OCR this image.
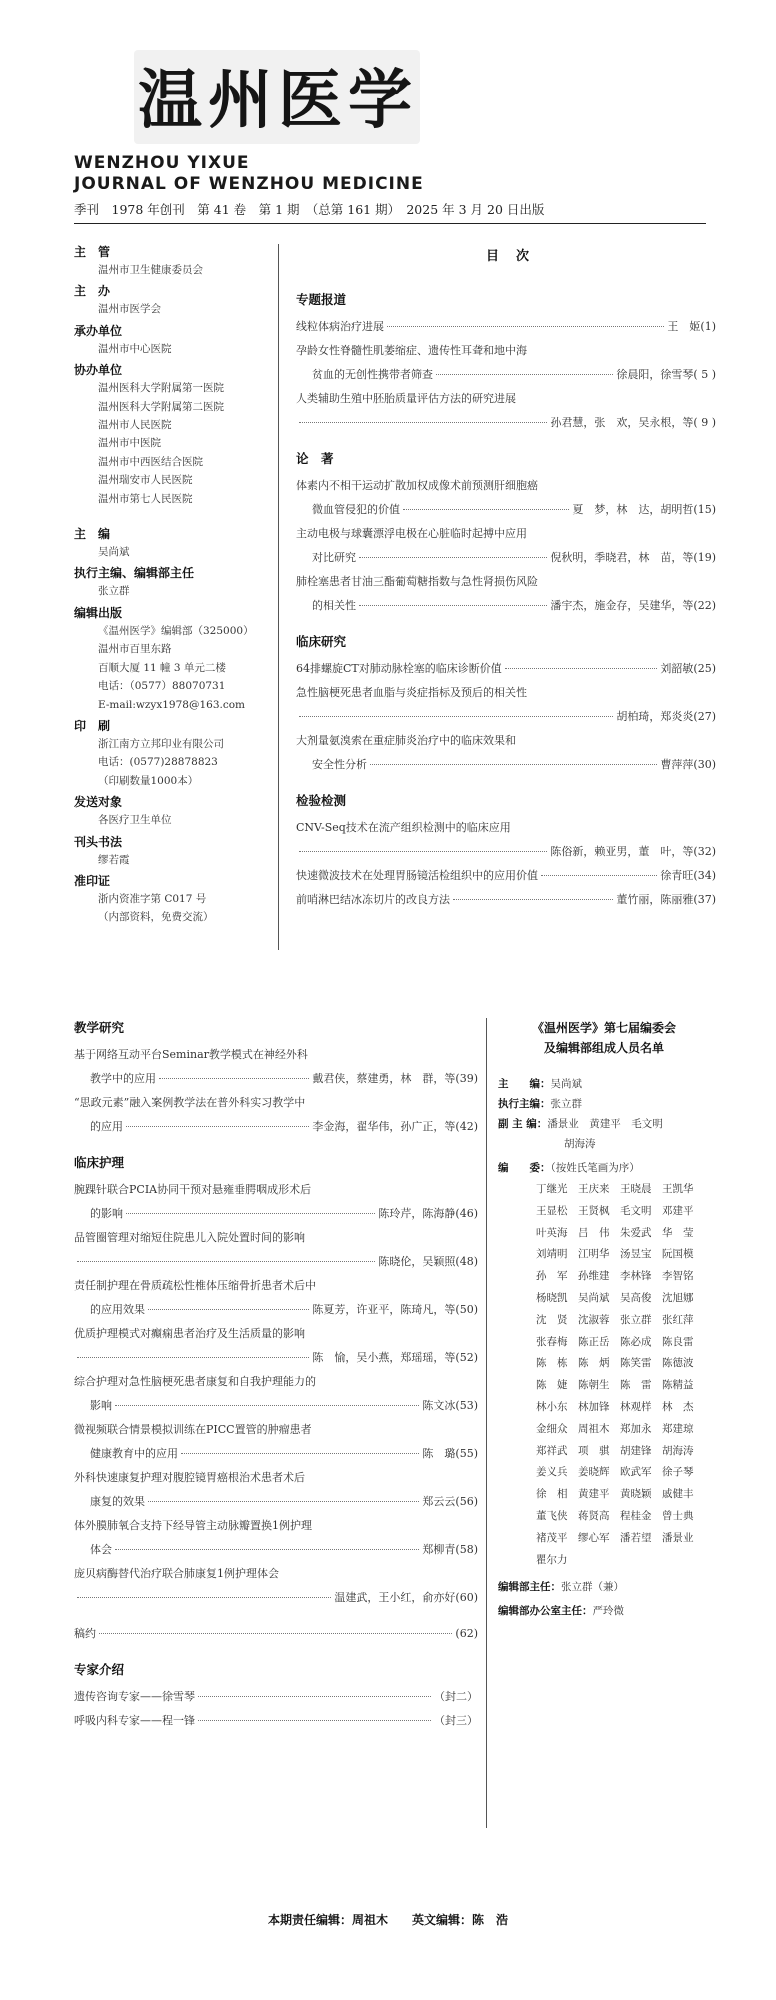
温州医学
WENZHOU YIXUE
JOURNAL OF WENZHOU MEDICINE
季刊　1978 年创刊　第 41 卷　第 1 期　（总第 161 期）　2025 年 3 月 20 日出版
主　管
温州市卫生健康委员会
主　办
温州市医学会
承办单位
温州市中心医院
协办单位
温州医科大学附属第一医院
温州医科大学附属第二医院
温州市人民医院
温州市中医院
温州市中西医结合医院
温州瑞安市人民医院
温州市第七人民医院
主　编
吴尚斌
执行主编、编辑部主任
张立群
编辑出版
《温州医学》编辑部（325000）
温州市百里东路
百顺大厦 11 幢 3 单元二楼
电话：（0577）88070731
E-mail:wzyx1978@163.com
印　刷
浙江南方立邦印业有限公司
电话：(0577)28878823
（印刷数量1000本）
发送对象
各医疗卫生单位
刊头书法
缪若霞
准印证
浙内资准字第 C017 号
（内部资料，免费交流）
目　次
专题报道
线粒体病治疗进展	王　姬 (1)
孕龄女性脊髓性肌萎缩症、遗传性耳聋和地中海
贫血的无创性携带者筛查	徐晨阳，徐雪琴 ( 5 )
人类辅助生殖中胚胎质量评估方法的研究进展
孙君慧，张　欢，吴永根，等 ( 9 )
论　著
体素内不相干运动扩散加权成像术前预测肝细胞癌
微血管侵犯的价值	夏　梦，林　达，胡明哲 (15)
主动电极与球囊漂浮电极在心脏临时起搏中应用
对比研究	倪秋明，季晓君，林　苗，等 (19)
肺栓塞患者甘油三酯葡萄糖指数与急性肾损伤风险
的相关性	潘宇杰，施金存，吴建华，等 (22)
临床研究
64排螺旋CT对肺动脉栓塞的临床诊断价值	刘韶敏 (25)
急性脑梗死患者血脂与炎症指标及预后的相关性
胡柏琦，郑炎炎 (27)
大剂量氨溴索在重症肺炎治疗中的临床效果和
安全性分析	曹萍萍 (30)
检验检测
CNV-Seq技术在流产组织检测中的临床应用
陈俗新，赖亚男，董　叶，等 (32)
快速微波技术在处理胃肠镜活检组织中的应用价值	徐青旺 (34)
前哨淋巴结冰冻切片的改良方法	董竹丽，陈丽雅 (37)
教学研究
基于网络互动平台Seminar教学模式在神经外科
教学中的应用	戴君侠，蔡建勇，林　群，等 (39)
“思政元素”融入案例教学法在普外科实习教学中
的应用	李金海，翟华伟，孙广正，等 (42)
临床护理
腕踝针联合PCIA协同干预对悬雍垂腭咽成形术后
的影响	陈玲芹，陈海静 (46)
品管圈管理对缩短住院患儿入院处置时间的影响
陈晓伦，吴颖照 (48)
责任制护理在骨质疏松性椎体压缩骨折患者术后中
的应用效果	陈夏芳，许亚平，陈琦凡，等 (50)
优质护理模式对癫痫患者治疗及生活质量的影响
陈　愉，吴小燕，郑瑶瑶，等 (52)
综合护理对急性脑梗死患者康复和自我护理能力的
影响	陈文冰 (53)
微视频联合情景模拟训练在PICC置管的肿瘤患者
健康教育中的应用	陈　璐 (55)
外科快速康复护理对腹腔镜胃癌根治术患者术后
康复的效果	郑云云 (56)
体外膜肺氧合支持下经导管主动脉瓣置换1例护理
体会	郑柳青 (58)
庞贝病酶替代治疗联合肺康复1例护理体会
温建武，王小红，俞亦好 (60)
稿约	(62)
专家介绍
遗传咨询专家——徐雪琴	（封二）
呼吸内科专家——程一锋	（封三）
《温州医学》第七届编委会
及编辑部组成人员名单
主　　编：吴尚斌
执行主编：张立群
副 主 编：潘景业　黄建平　毛文明
胡海涛
编　　委：（按姓氏笔画为序）
丁继光	王庆来	王晓晨	王凯华
王显松	王贤枫	毛文明	邓建平
叶英海	吕　伟	朱爱武	华　莹
刘靖明	江明华	汤昱宝	阮国模
孙　军	孙维建	李林锋	李智铭
杨晓凯	吴尚斌	吴高俊	沈旭娜
沈　贤	沈淑蓉	张立群	张红萍
张春梅	陈正岳	陈必成	陈良雷
陈　栋	陈　炳	陈笑雷	陈德波
陈　婕	陈朝生	陈　雷	陈精益
林小东	林加锋	林观样	林　杰
金细众	周祖木	郑加永	郑建琼
郑祥武	项　骐	胡建锋	胡海涛
姜义兵	姜晓辉	欧武军	徐子琴
徐　相	黄建平	黄晓颖	戚健丰
董飞侠	蒋贤高	程桂金	曾士典
褚茂平	缪心军	潘若望	潘景业
瞿尔力
编辑部主任：张立群（兼）
编辑部办公室主任：严玲微
本期责任编辑：周祖木　　英文编辑：陈　浩
